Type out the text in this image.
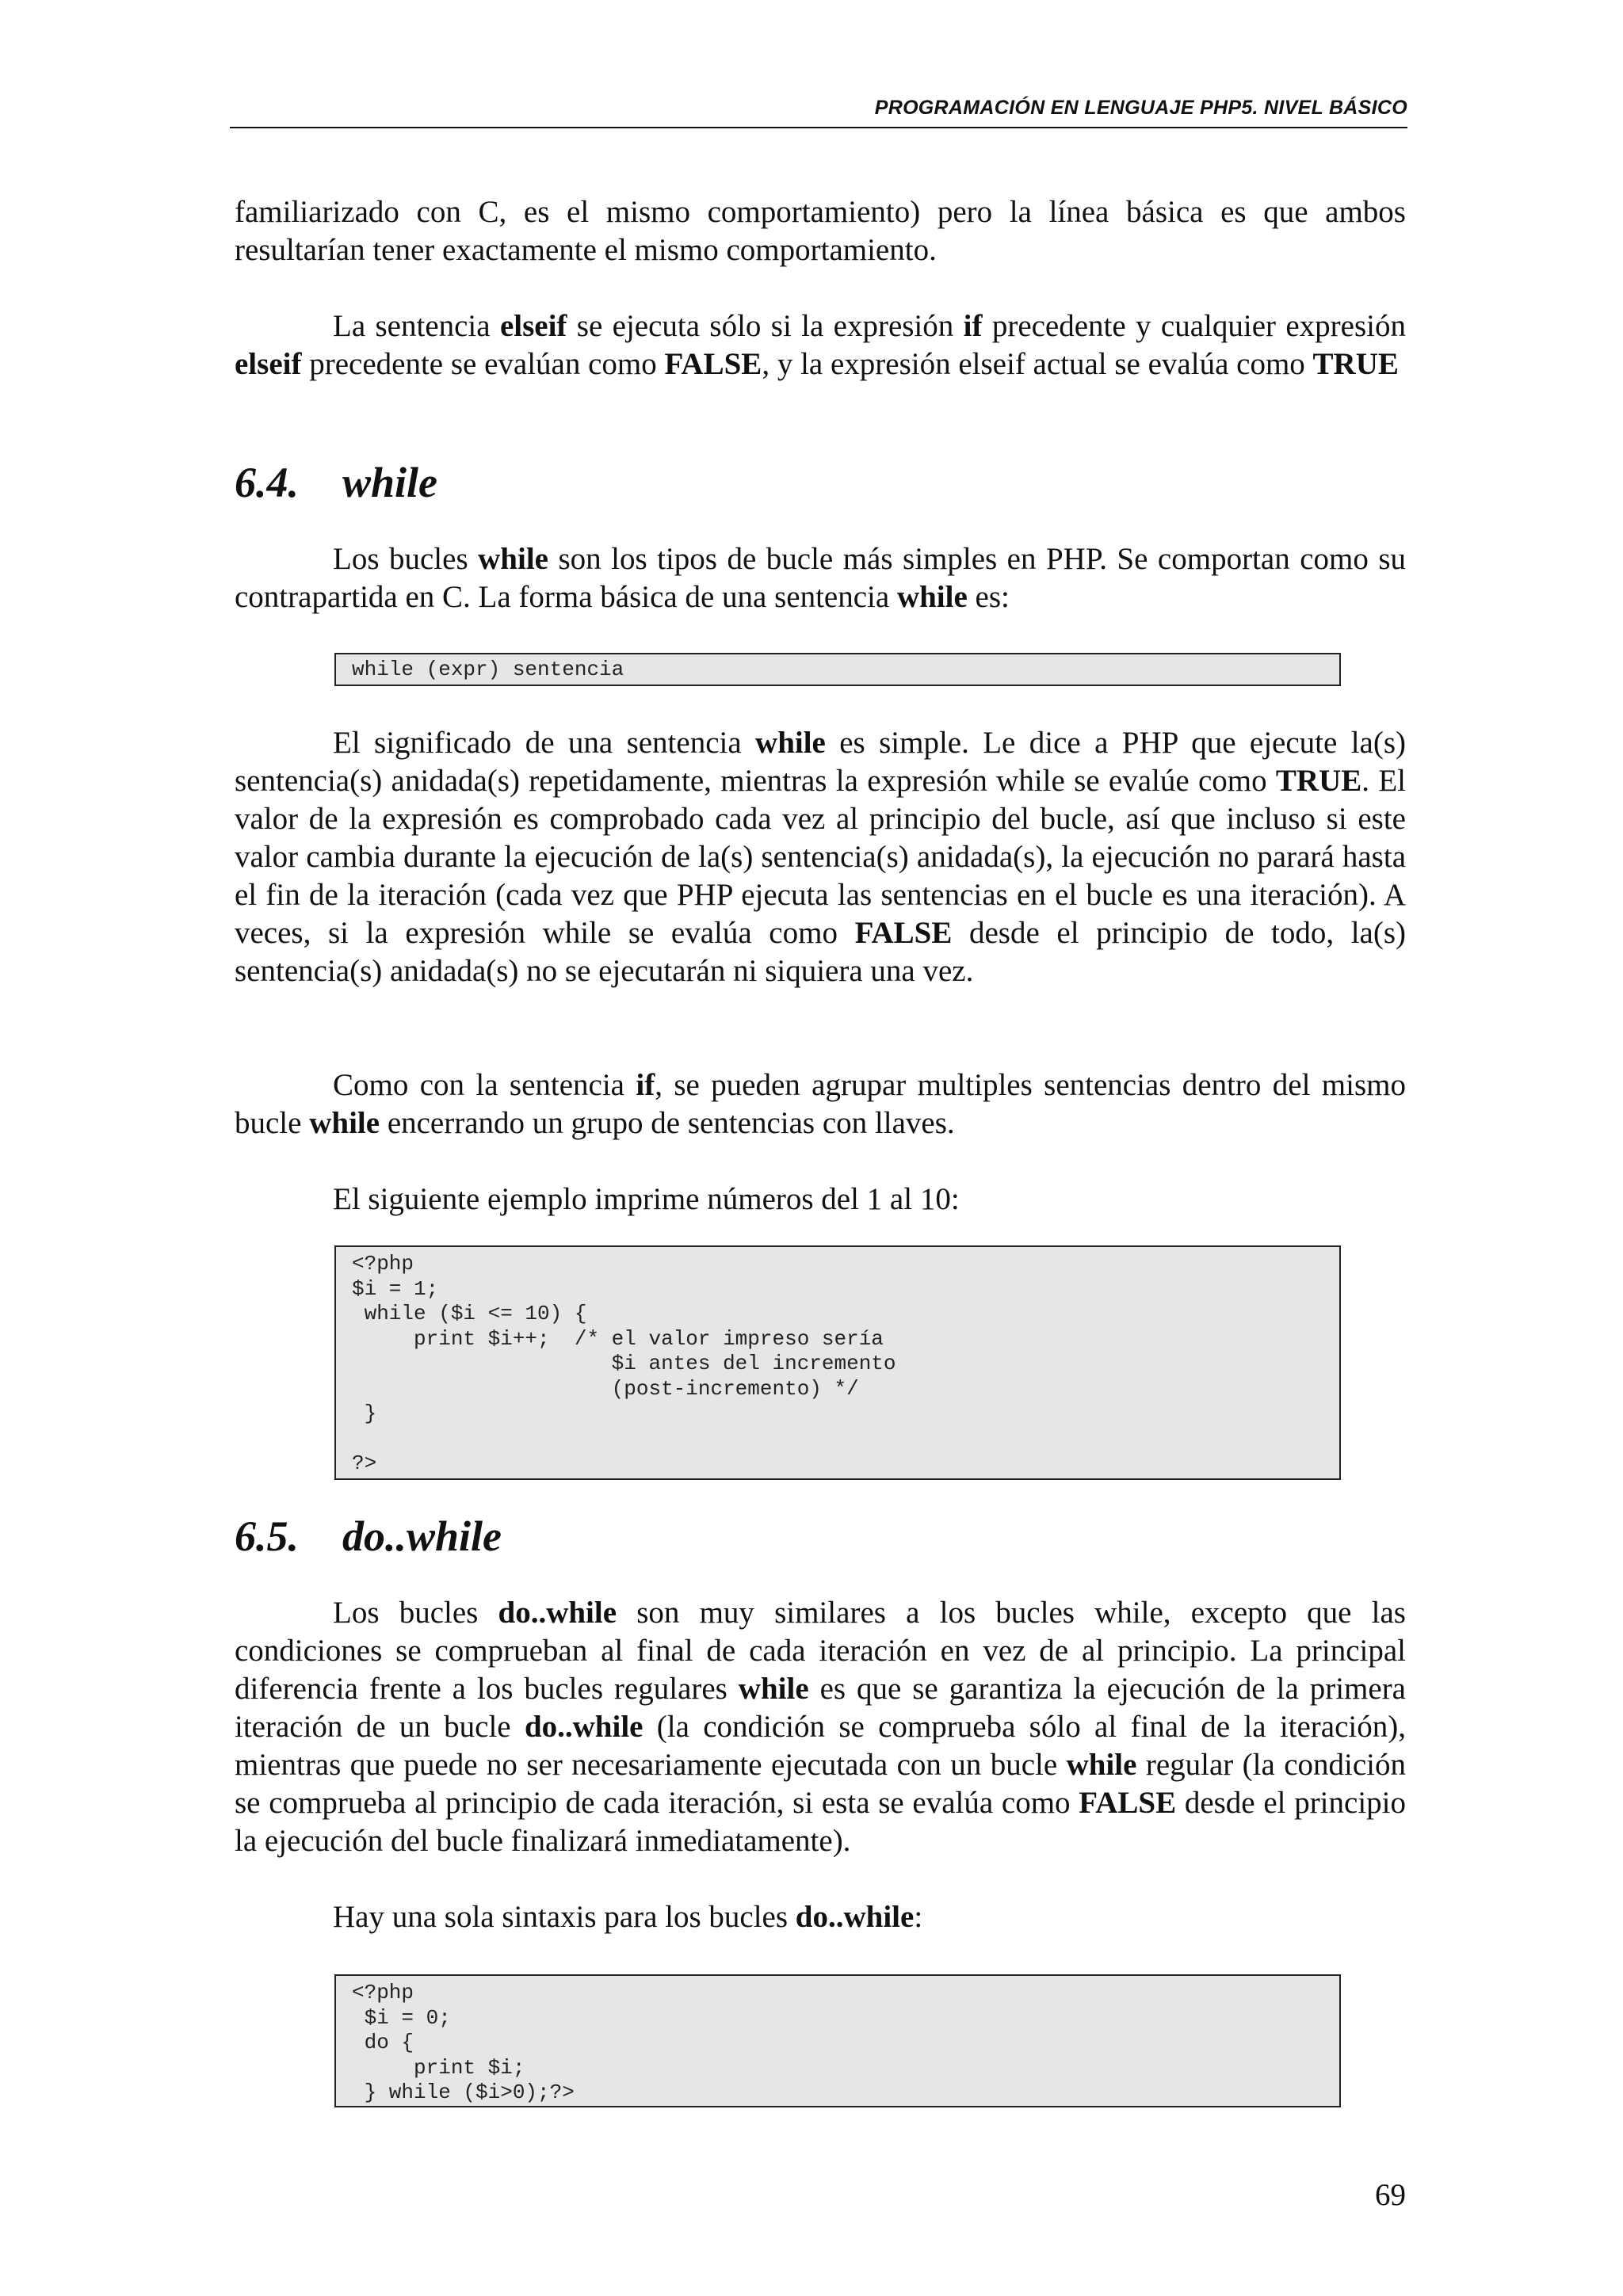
PROGRAMACIÓN EN LENGUAJE PHP5. NIVEL BÁSICO

familiarizado con C, es el mismo comportamiento) pero la línea básica es que ambos resultarían tener exactamente el mismo comportamiento.

La sentencia elseif se ejecuta sólo si la expresión if precedente y cualquier expresión elseif precedente se evalúan como FALSE, y la expresión elseif actual se evalúa como TRUE

6.4. while

Los bucles while son los tipos de bucle más simples en PHP. Se comportan como su contrapartida en C. La forma básica de una sentencia while es:

while (expr) sentencia

El significado de una sentencia while es simple. Le dice a PHP que ejecute la(s) sentencia(s) anidada(s) repetidamente, mientras la expresión while se evalúe como TRUE. El valor de la expresión es comprobado cada vez al principio del bucle, así que incluso si este valor cambia durante la ejecución de la(s) sentencia(s) anidada(s), la ejecución no parará hasta el fin de la iteración (cada vez que PHP ejecuta las sentencias en el bucle es una iteración). A veces, si la expresión while se evalúa como FALSE desde el principio de todo, la(s) sentencia(s) anidada(s) no se ejecutarán ni siquiera una vez.

Como con la sentencia if, se pueden agrupar multiples sentencias dentro del mismo bucle while encerrando un grupo de sentencias con llaves.

El siguiente ejemplo imprime números del 1 al 10:

<?php
$i = 1;
while ($i <= 10) {
print $i++;  /* el valor impreso sería
$i antes del incremento
(post-incremento) */
}

?>
6.5. do..while

Los bucles do..while son muy similares a los bucles while, excepto que las condiciones se comprueban al final de cada iteración en vez de al principio. La principal diferencia frente a los bucles regulares while es que se garantiza la ejecución de la primera iteración de un bucle do..while (la condición se comprueba sólo al final de la iteración), mientras que puede no ser necesariamente ejecutada con un bucle while regular (la condición se comprueba al principio de cada iteración, si esta se evalúa como FALSE desde el principio la ejecución del bucle finalizará inmediatamente).

Hay una sola sintaxis para los bucles do..while:

<?php
$i = 0;
do {
print $i;
} while ($i>0);?>
69
